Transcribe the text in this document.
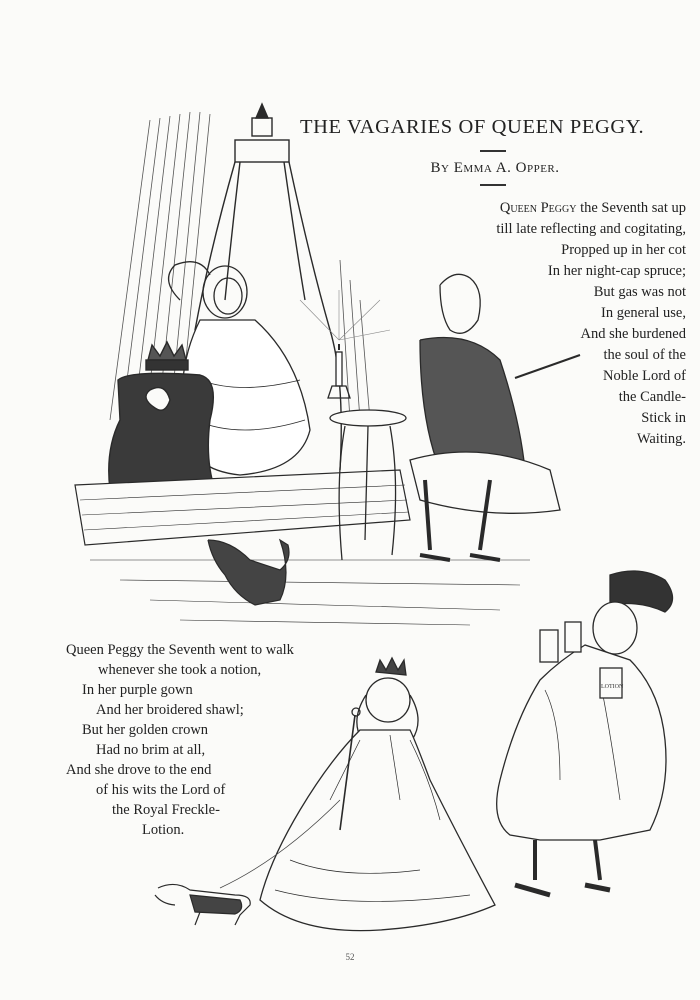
LOTION
THE VAGARIES OF QUEEN PEGGY.
By Emma A. Opper.
Queen Peggy the Seventh sat up
till late reflecting and cogitating,
Propped up in her cot
In her night-cap spruce;
But gas was not
In general use,
And she burdened
the soul of the
Noble Lord of
the Candle-
Stick in
Waiting.
Queen Peggy the Seventh went to walk
whenever she took a notion,
In her purple gown
And her broidered shawl;
But her golden crown
Had no brim at all,
And she drove to the end
of his wits the Lord of
the Royal Freckle-
Lotion.
52
